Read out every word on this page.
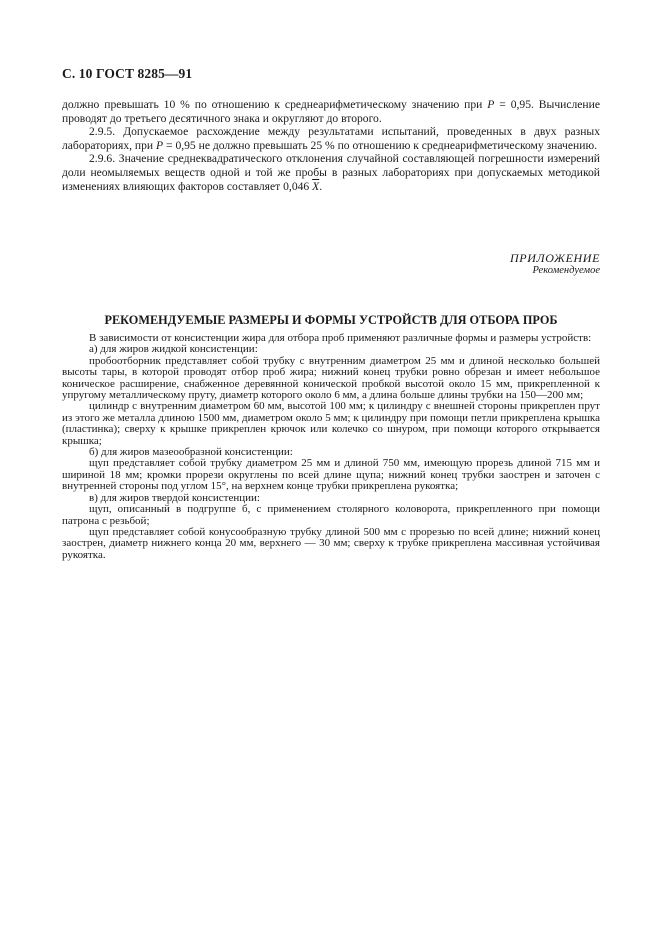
С. 10 ГОСТ 8285—91

должно превышать 10 % по отношению к среднеарифметическому значению при P = 0,95. Вычисление проводят до третьего десятичного знака и округляют до второго.

2.9.5. Допускаемое расхождение между результатами испытаний, проведенных в двух разных лабораториях, при P = 0,95 не должно превышать 25 % по отношению к среднеарифметическому значению.

2.9.6. Значение среднеквадратического отклонения случайной составляющей погрешности измерений доли неомыляемых веществ одной и той же пробы в разных лабораториях при допускаемых методикой изменениях влияющих факторов составляет 0,046 $\overline{X}$.

ПРИЛОЖЕНИЕ
Рекомендуемое
РЕКОМЕНДУЕМЫЕ РАЗМЕРЫ И ФОРМЫ УСТРОЙСТВ ДЛЯ ОТБОРА ПРОБ

В зависимости от консистенции жира для отбора проб применяют различные формы и размеры устройств:

а) для жиров жидкой консистенции:

пробоотборник представляет собой трубку с внутренним диаметром 25 мм и длиной несколько большей высоты тары, в которой проводят отбор проб жира; нижний конец трубки ровно обрезан и имеет небольшое коническое расширение, снабженное деревянной конической пробкой высотой около 15 мм, прикрепленной к упругому металлическому пруту, диаметр которого около 6 мм, а длина больше длины трубки на 150—200 мм;

цилиндр с внутренним диаметром 60 мм, высотой 100 мм; к цилиндру с внешней стороны прикреплен прут из этого же металла длиною 1500 мм, диаметром около 5 мм; к цилиндру при помощи петли прикреплена крышка (пластинка); сверху к крышке прикреплен крючок или колечко со шнуром, при помощи которого открывается крышка;

б) для жиров мазеообразной консистенции:

щуп представляет собой трубку диаметром 25 мм и длиной 750 мм, имеющую прорезь длиной 715 мм и шириной 18 мм; кромки прорези округлены по всей длине щупа; нижний конец трубки заострен и заточен с внутренней стороны под углом 15°, на верхнем конце трубки прикреплена рукоятка;

в) для жиров твердой консистенции:

щуп, описанный в подгруппе б, с применением столярного коловорота, прикрепленного при помощи патрона с резьбой;

щуп представляет собой конусообразную трубку длиной 500 мм с прорезью по всей длине; нижний конец заострен, диаметр нижнего конца 20 мм, верхнего — 30 мм; сверху к трубке прикреплена массивная устойчивая рукоятка.
